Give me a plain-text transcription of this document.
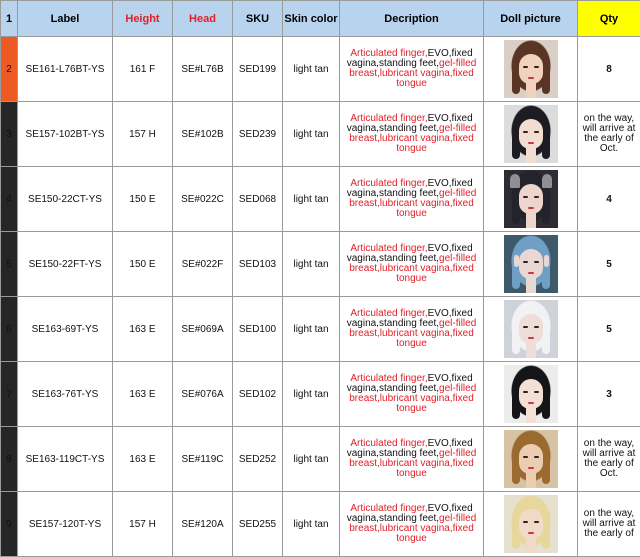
1	Label	Height	Head	SKU	Skin color	Decription	Doll picture	Qty
2	SE161-L76BT-YS	161 F	SE#L76B	SED199	light tan	Articulated finger,EVO,fixed vagina,standing feet,gel-filled breast,lubricant vagina,fixed tongue		8
3	SE157-102BT-YS	157 H	SE#102B	SED239	light tan	Articulated finger,EVO,fixed vagina,standing feet,gel-filled breast,lubricant vagina,fixed tongue		on the way, will arrive at the early of Oct.
4	SE150-22CT-YS	150 E	SE#022C	SED068	light tan	Articulated finger,EVO,fixed vagina,standing feet,gel-filled breast,lubricant vagina,fixed tongue		4
5	SE150-22FT-YS	150 E	SE#022F	SED103	light tan	Articulated finger,EVO,fixed vagina,standing feet,gel-filled breast,lubricant vagina,fixed tongue		5
6	SE163-69T-YS	163 E	SE#069A	SED100	light tan	Articulated finger,EVO,fixed vagina,standing feet,gel-filled breast,lubricant vagina,fixed tongue		5
7	SE163-76T-YS	163 E	SE#076A	SED102	light tan	Articulated finger,EVO,fixed vagina,standing feet,gel-filled breast,lubricant vagina,fixed tongue		3
8	SE163-119CT-YS	163 E	SE#119C	SED252	light tan	Articulated finger,EVO,fixed vagina,standing feet,gel-filled breast,lubricant vagina,fixed tongue		on the way, will arrive at the early of Oct.
9	SE157-120T-YS	157 H	SE#120A	SED255	light tan	Articulated finger,EVO,fixed vagina,standing feet,gel-filled breast,lubricant vagina,fixed tongue		on the way, will arrive at the early of
